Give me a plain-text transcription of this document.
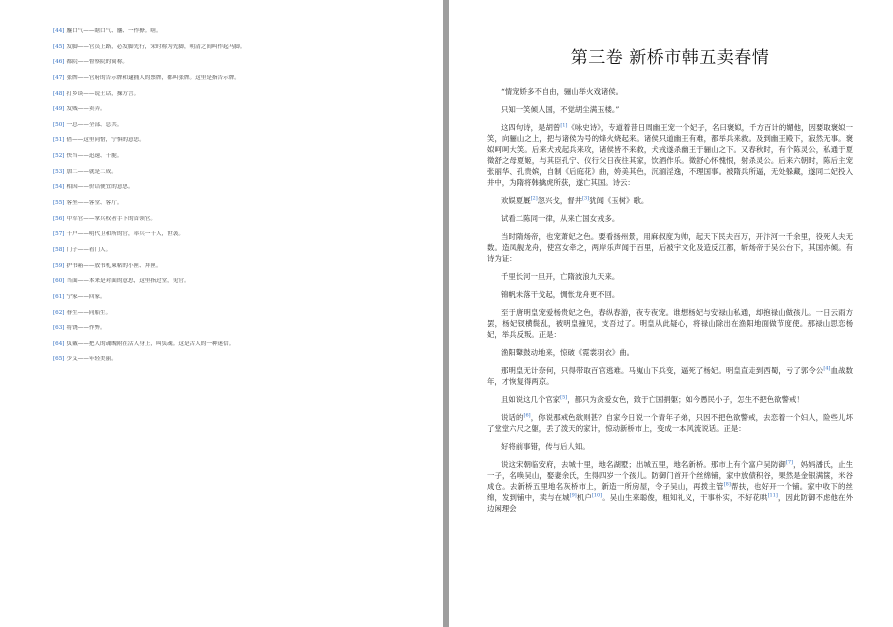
[44] 鏖口气——瞎口气、鏖、一作撩。嗐。
[45] 发脚——官员上路，必发脚先行，宋时称为先脚，明清之间叫作起马脚。
[46] 都院——督察院的简称。
[47] 张牌——官府的告示牌和逮捕人的票牌，都叫张牌。这里是指告示牌。
[48] 打乡谈——说土话，操方言。
[49] 发贱——卖弄。
[50] 一总——全部、总共。
[51] 借——这里同惜，宁惧的意思。
[52] 快当——迅速、干脆。
[53] 加二——就是二成。
[54] 相因——价诘便宜的意思。
[55] 客坐——客堂、客厅。
[56] 中军官——掌兵权者手下的首领官。
[57] 千户——明代卫和所的官，率兵一千人，世袭。
[58] 门子——看门人。
[59] 护书箱——放书札柬帖的小匣、拜匣。
[60] 当面——本来是对面的意思，这里指过堂，见官。
[61] 宁家——回家。
[62] 眷生——同船生。
[63] 将饶——作弊。
[64] 负戴——把人的魂魄附在活人身上，叫负魂。这是古人的一种迷信。
[65] 少艾——年轻美丽。
第三卷 新桥市韩五卖春情

“情宠娇多不自由，骊山举火戏诸侯。

只知一笑倾人国，不觉胡尘满玉楼。”

这四句诗，是胡曾[1]《咏史诗》，专道着昔日周幽王宠一个妃子，名曰褒姒，千方百计的媚他，因要取褒姒一笑，向骊山之上，把与诸侯为号的烽火烧起来。诸侯只道幽王有难，都举兵来救。及到幽王殿下，寂然无事。褒姒呵呵大笑。后来犬戎起兵来攻，诸侯皆不来救，犬戎遂杀幽王于骊山之下。又春秋时，有个陈灵公，私通于夏徵舒之母夏姬，与其臣孔宁、仪行父日夜往其家，饮酒作乐。徵舒心怀愧恨，射杀灵公。后来六朝时，陈后主宠张丽华、孔贵嫔，自制《后庭花》曲，姱美其色，沉湎淫逸，不理国事。被隋兵所逼，无处躲藏，遂同二妃投入井中，为隋将韩擒虎所获，遂亡其国。诗云：

欢娱夏厩[2]忽兴戈，督井[3]犹闻《玉树》歌。

试看二陈同一律，从来亡国女戎多。

当时隋炀帝，也宠萧妃之色。要看扬州景，用麻叔度为帅，起天下民夫百万，开汴河一千余里，役死人夫无数。造凤舰龙舟，使宫女牵之，两岸乐声闻于百里，后被宇文化及造反江都，斩炀帝于吴公台下，其国亦倾。有诗为证：

千里长河一旦开，亡隋波浪九天来。

锦帆未落干戈起，惆怅龙舟更不回。

至于唐明皇宠爱杨贵妃之色，春纵春游，夜专夜宠。谁想杨妃与安禄山私通，却抱禄山做孩儿。一日云雨方罢，杨妃钗横鬓乱，被明皇撞见，支吾过了。明皇从此疑心，将禄山除出在渔阳地面做节度使。那禄山思恋杨妃，举兵反叛。正是：

渔阳鼙鼓动地来，惊破《霓裳羽衣》曲。

那明皇无计奈何，只得带取百官逃难。马嵬山下兵变，逼死了杨妃。明皇直走到西蜀，亏了郭令公[4]血战数年，才恢复得两京。

且如说这几个官家[5]，都只为贪爱女色，致于亡国捐躯；如今愚民小子，怎生不把色欲警戒！

说话的[6]，你说那戒色欲则甚？自家今日说一个青年子弟，只因不把色欲警戒，去恋着一个妇人，险些儿坏了堂堂六尺之躯，丢了泼天的家计，惊动新桥市上，变成一本风流说话。正是：

好将前事错，传与后人知。

说这宋朝临安府，去城十里，地名湖墅；出城五里，地名新桥。那市上有个富户吴防御[7]，妈妈潘氏，止生一子，名唤吴山，娶妻余氏，生得四岁一个孩儿。防御门首开个丝绵铺，家中放债积谷，果然是金银满箧，米谷成仓。去新桥五里地名灰桥市上，新造一所房屋，令子吴山，再拨主管[8]帮扶，也好开一个铺。家中收下的丝绵，发到铺中，卖与在城[9]机户[10]。吴山生来聪俊，粗知礼义，干事朴实，不好花哄[11]，因此防御不虑他在外边闲理会
